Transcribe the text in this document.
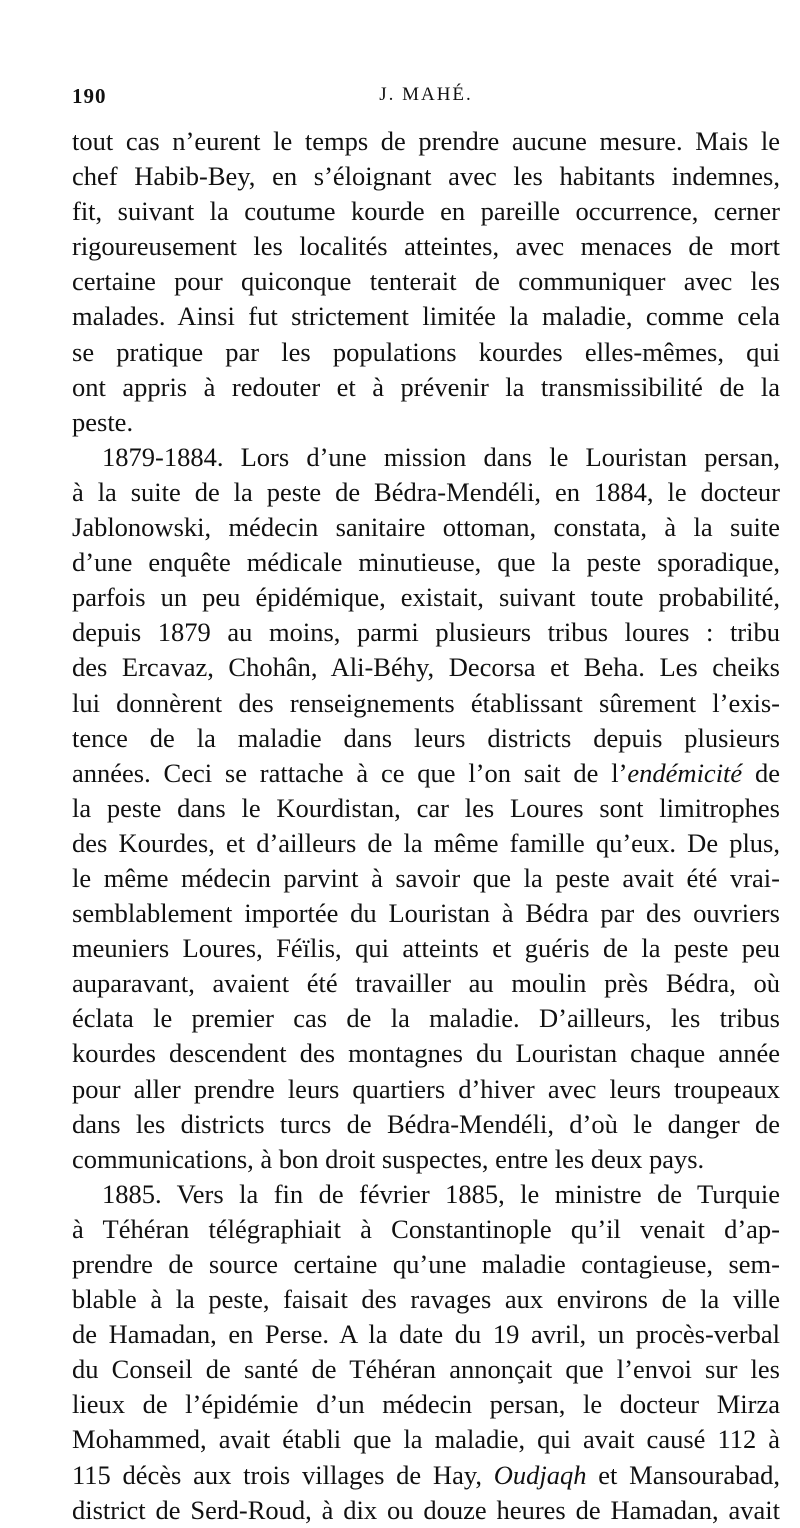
190	J. MAHÉ.
tout cas n’eurent le temps de prendre aucune mesure. Mais le
chef Habib-Bey, en s’éloignant avec les habitants indemnes,
fit, suivant la coutume kourde en pareille occurrence, cerner
rigoureusement les localités atteintes, avec menaces de mort
certaine pour quiconque tenterait de communiquer avec les
malades. Ainsi fut strictement limitée la maladie, comme cela
se pratique par les populations kourdes elles-mêmes, qui
ont appris à redouter et à prévenir la transmissibilité de la
peste.
1879-1884. Lors d’une mission dans le Louristan persan,
à la suite de la peste de Bédra-Mendéli, en 1884, le docteur
Jablonowski, médecin sanitaire ottoman, constata, à la suite
d’une enquête médicale minutieuse, que la peste sporadique,
parfois un peu épidémique, existait, suivant toute probabilité,
depuis 1879 au moins, parmi plusieurs tribus loures : tribu
des Ercavaz, Chohân, Ali-Béhy, Decorsa et Beha. Les cheiks
lui donnèrent des renseignements établissant sûrement l’exis-
tence de la maladie dans leurs districts depuis plusieurs
années. Ceci se rattache à ce que l’on sait de l’endémicité de
la peste dans le Kourdistan, car les Loures sont limitrophes
des Kourdes, et d’ailleurs de la même famille qu’eux. De plus,
le même médecin parvint à savoir que la peste avait été vrai-
semblablement importée du Louristan à Bédra par des ouvriers
meuniers Loures, Féïlis, qui atteints et guéris de la peste peu
auparavant, avaient été travailler au moulin près Bédra, où
éclata le premier cas de la maladie. D’ailleurs, les tribus
kourdes descendent des montagnes du Louristan chaque année
pour aller prendre leurs quartiers d’hiver avec leurs troupeaux
dans les districts turcs de Bédra-Mendéli, d’où le danger de
communications, à bon droit suspectes, entre les deux pays.
1885. Vers la fin de février 1885, le ministre de Turquie
à Téhéran télégraphiait à Constantinople qu’il venait d’ap-
prendre de source certaine qu’une maladie contagieuse, sem-
blable à la peste, faisait des ravages aux environs de la ville
de Hamadan, en Perse. A la date du 19 avril, un procès-verbal
du Conseil de santé de Téhéran annonçait que l’envoi sur les
lieux de l’épidémie d’un médecin persan, le docteur Mirza
Mohammed, avait établi que la maladie, qui avait causé 112 à
115 décès aux trois villages de Hay, Oudjaqh et Mansourabad,
district de Serd-Roud, à dix ou douze heures de Hamadan, avait
